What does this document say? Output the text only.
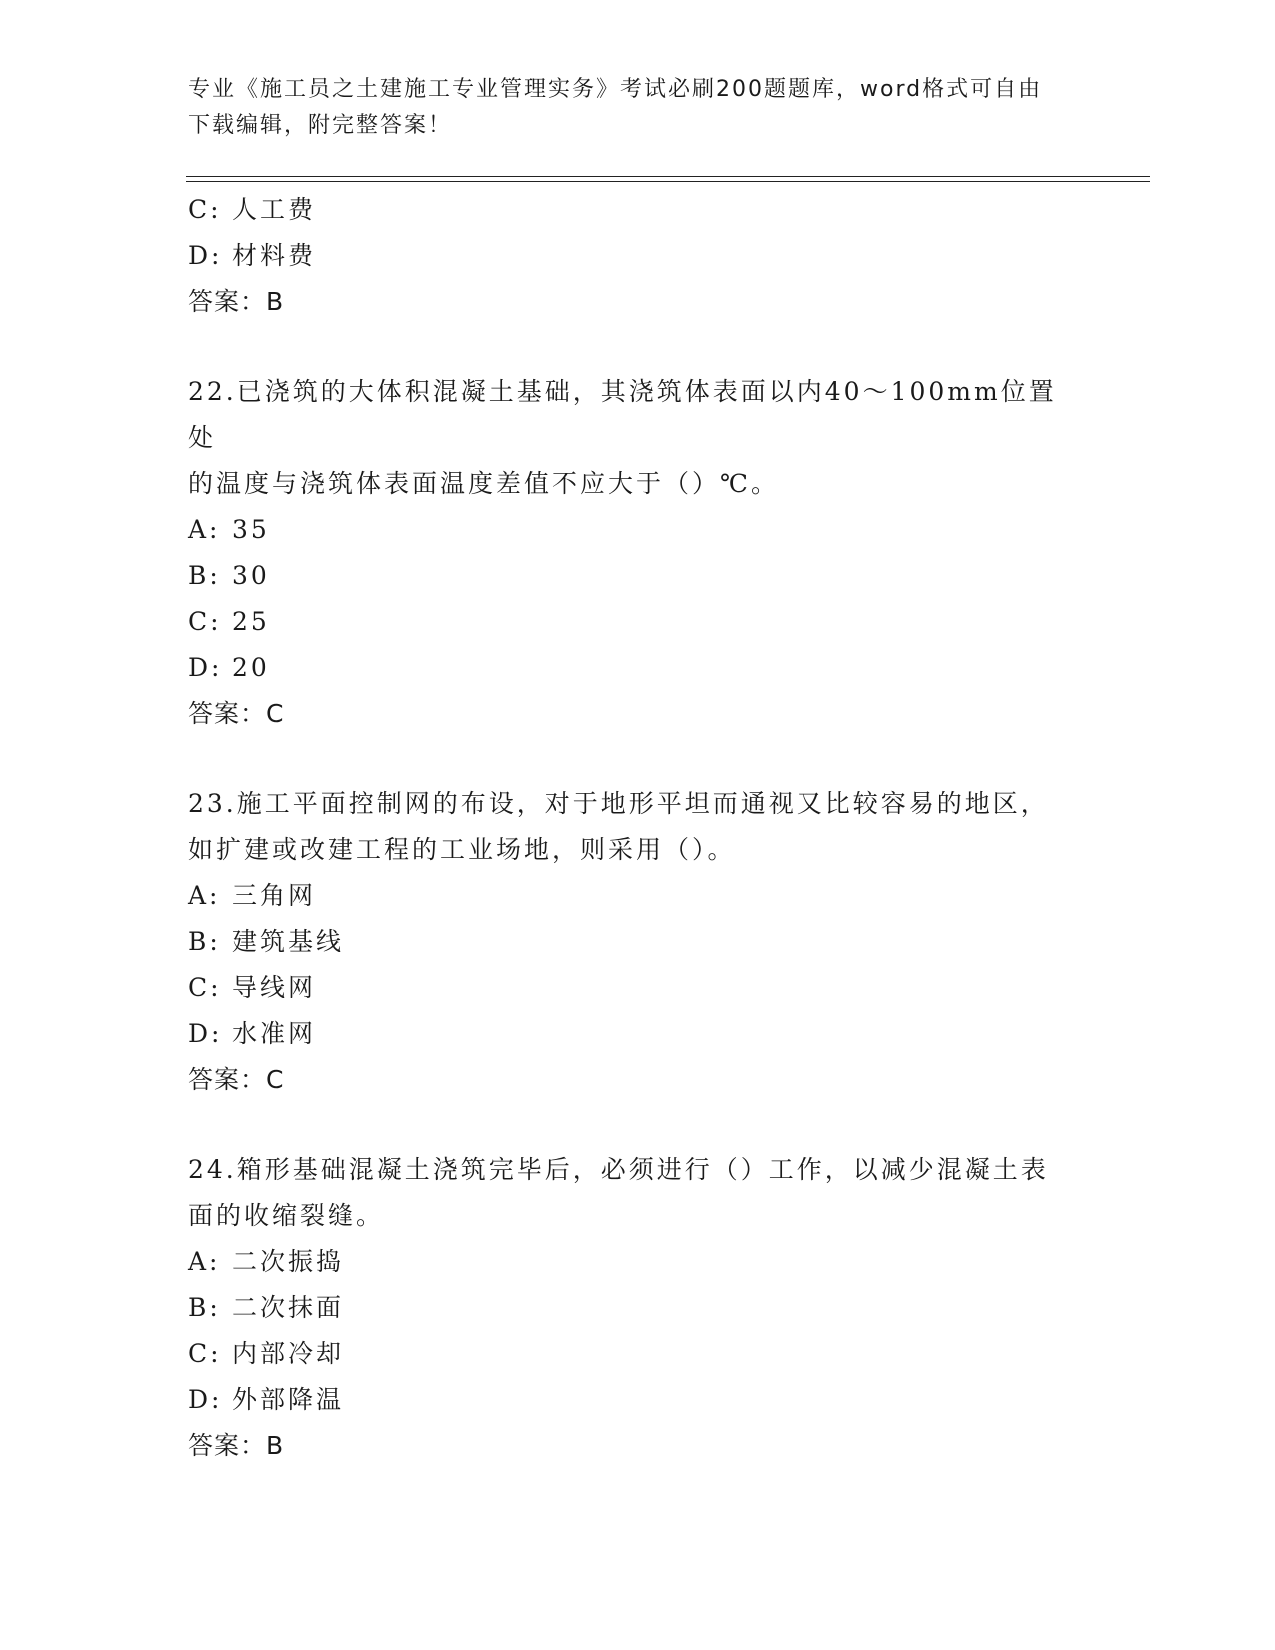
专业《施工员之土建施工专业管理实务》考试必刷200题题库，word格式可自由
下载编辑，附完整答案！
C: 人工费
D: 材料费
答案：B
22.已浇筑的大体积混凝土基础，其浇筑体表面以内40～100mm位置处
的温度与浇筑体表面温度差值不应大于（）℃。
A: 35
B: 30
C: 25
D: 20
答案：C
23.施工平面控制网的布设，对于地形平坦而通视又比较容易的地区，
如扩建或改建工程的工业场地，则采用（）。
A: 三角网
B: 建筑基线
C: 导线网
D: 水准网
答案：C
24.箱形基础混凝土浇筑完毕后，必须进行（）工作，以减少混凝土表
面的收缩裂缝。
A: 二次振捣
B: 二次抹面
C: 内部冷却
D: 外部降温
答案：B
